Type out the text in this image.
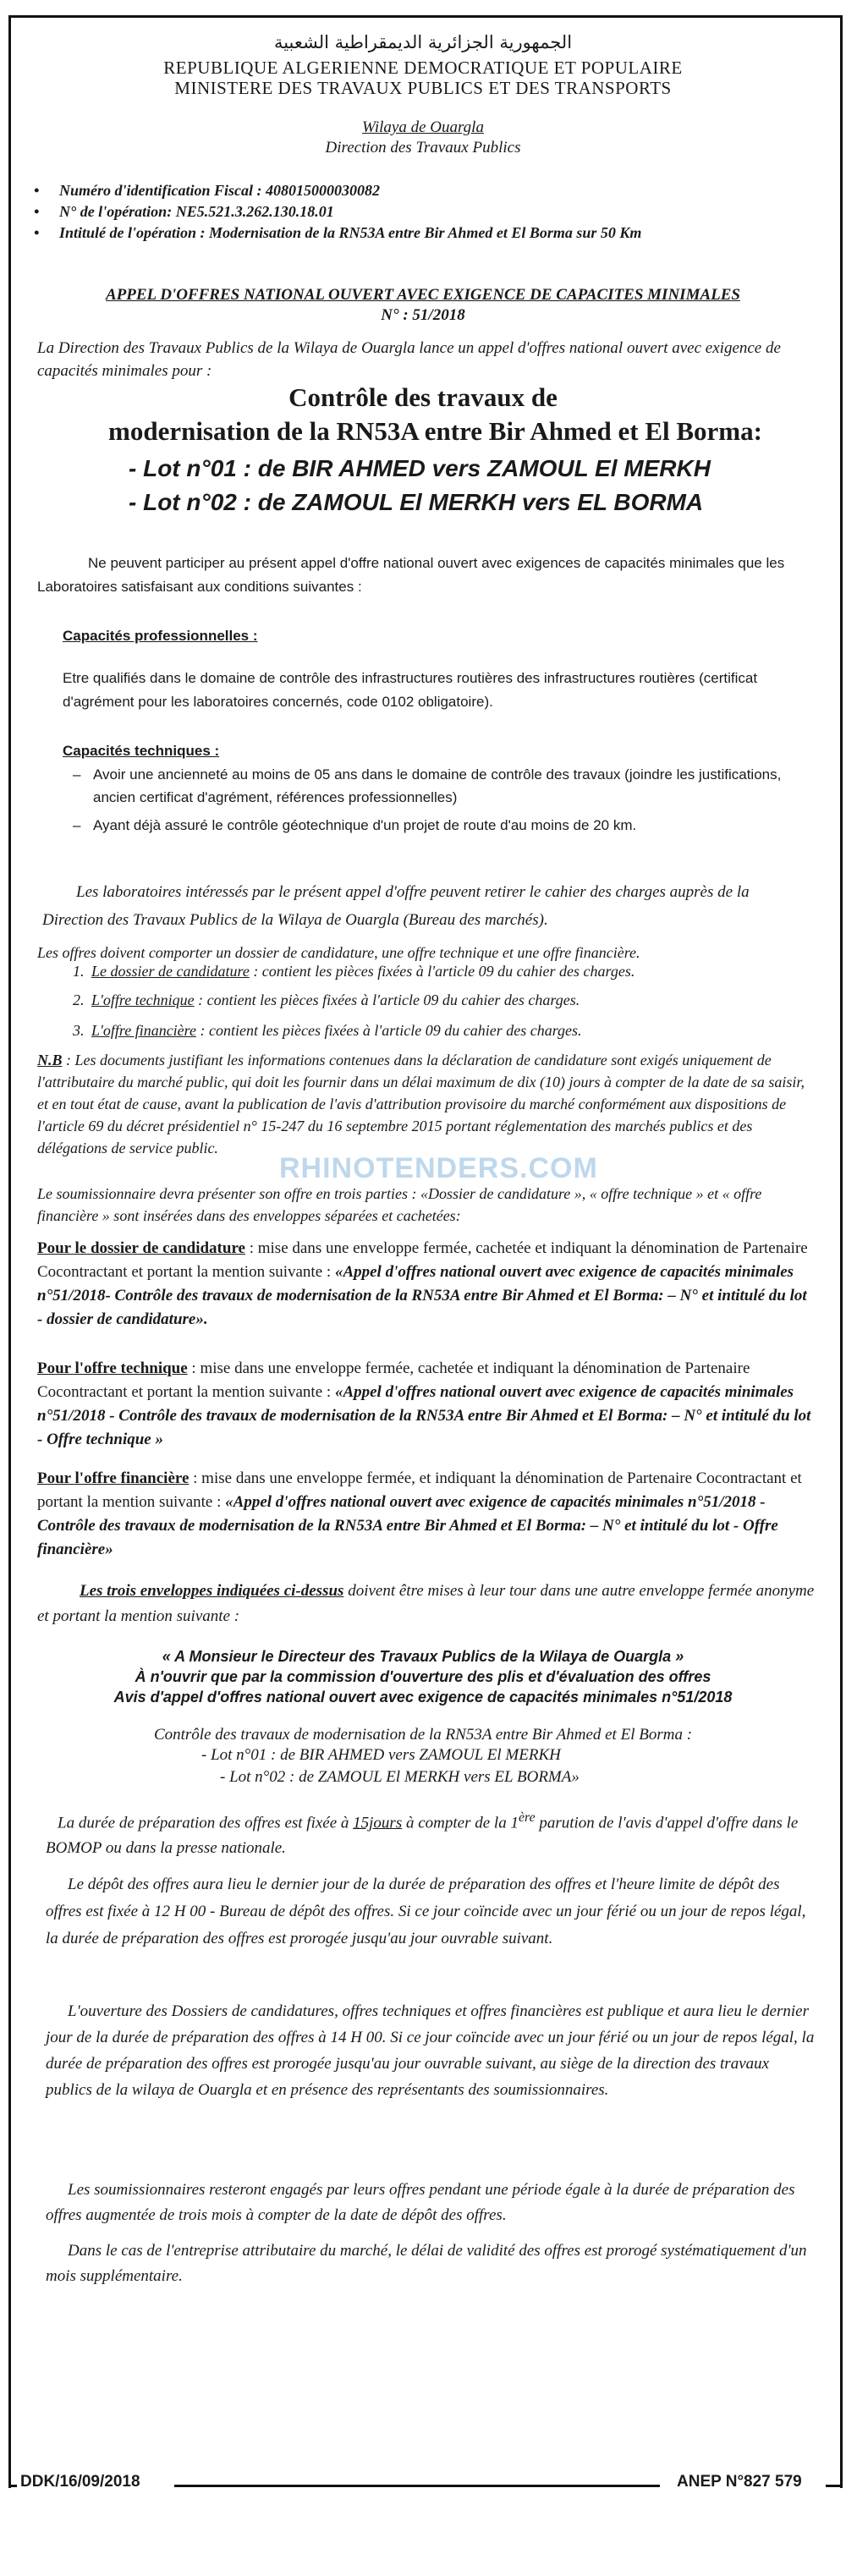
الجمهورية الجزائرية الديمقراطية الشعبية
REPUBLIQUE ALGERIENNE DEMOCRATIQUE ET POPULAIRE
MINISTERE DES TRAVAUX PUBLICS ET DES TRANSPORTS
Wilaya de Ouargla
Direction des Travaux Publics
• Numéro d'identification Fiscal : 408015000030082
• N° de l'opération: NE5.521.3.262.130.18.01
• Intitulé de l'opération : Modernisation de la RN53A entre Bir Ahmed et El Borma sur 50 Km
APPEL D'OFFRES NATIONAL OUVERT AVEC EXIGENCE DE CAPACITES MINIMALES
N° : 51/2018

La Direction des Travaux Publics de la Wilaya de Ouargla lance un appel d'offres national ouvert avec exigence de capacités minimales pour :

Contrôle des travaux de
modernisation de la RN53A entre Bir Ahmed et El Borma:
- Lot n°01 : de BIR AHMED vers ZAMOUL El MERKH
- Lot n°02 : de ZAMOUL El MERKH vers EL BORMA

Ne peuvent participer au présent appel d'offre national ouvert avec exigences de capacités minimales que les Laboratoires satisfaisant aux conditions suivantes :

Capacités professionnelles :

Etre qualifiés dans le domaine de contrôle des infrastructures routières des infrastructures routières (certificat d'agrément pour les laboratoires concernés, code 0102 obligatoire).

Capacités techniques :
– Avoir une ancienneté au moins de 05 ans dans le domaine de contrôle des travaux (joindre les justifications, ancien certificat d'agrément, références professionnelles)
– Ayant déjà assuré le contrôle géotechnique d'un projet de route d'au moins de 20 km.

Les laboratoires intéressés par le présent appel d'offre peuvent retirer le cahier des charges auprès de la Direction des Travaux Publics de la Wilaya de Ouargla (Bureau des marchés).

Les offres doivent comporter un dossier de candidature, une offre technique et une offre financière.

1. Le dossier de candidature : contient les pièces fixées à l'article 09 du cahier des charges.
2. L'offre technique : contient les pièces fixées à l'article 09 du cahier des charges.
3. L'offre financière : contient les pièces fixées à l'article 09 du cahier des charges.

N.B : Les documents justifiant les informations contenues dans la déclaration de candidature sont exigés uniquement de l'attributaire du marché public, qui doit les fournir dans un délai maximum de dix (10) jours à compter de la date de sa saisir, et en tout état de cause, avant la publication de l'avis d'attribution provisoire du marché conformément aux dispositions de l'article 69 du décret présidentiel n° 15-247 du 16 septembre 2015 portant réglementation des marchés publics et des délégations de service public.

Le soumissionnaire devra présenter son offre en trois parties : «Dossier de candidature », « offre technique » et « offre financière » sont insérées dans des enveloppes séparées et cachetées:

RHINOTENDERS.COM

Pour le dossier de candidature : mise dans une enveloppe fermée, cachetée et indiquant la dénomination de Partenaire Cocontractant et portant la mention suivante : «Appel d'offres national ouvert avec exigence de capacités minimales n°51/2018- Contrôle des travaux de modernisation de la RN53A entre Bir Ahmed et El Borma: – N° et intitulé du lot - dossier de candidature».

Pour l'offre technique : mise dans une enveloppe fermée, cachetée et indiquant la dénomination de Partenaire Cocontractant et portant la mention suivante : «Appel d'offres national ouvert avec exigence de capacités minimales n°51/2018 - Contrôle des travaux de modernisation de la RN53A entre Bir Ahmed et El Borma: – N° et intitulé du lot - Offre technique »

Pour l'offre financière : mise dans une enveloppe fermée, et indiquant la dénomination de Partenaire Cocontractant et portant la mention suivante : «Appel d'offres national ouvert avec exigence de capacités minimales n°51/2018 - Contrôle des travaux de modernisation de la RN53A entre Bir Ahmed et El Borma: – N° et intitulé du lot - Offre financière»

Les trois enveloppes indiquées ci-dessus doivent être mises à leur tour dans une autre enveloppe fermée anonyme et portant la mention suivante :

« A Monsieur le Directeur des Travaux Publics de la Wilaya de Ouargla »
À n'ouvrir que par la commission d'ouverture des plis et d'évaluation des offres
Avis d'appel d'offres national ouvert avec exigence de capacités minimales n°51/2018
Contrôle des travaux de modernisation de la RN53A entre Bir Ahmed et El Borma :
- Lot n°01 : de BIR AHMED vers ZAMOUL El MERKH
- Lot n°02 : de ZAMOUL El MERKH vers EL BORMA»

La durée de préparation des offres est fixée à 15jours à compter de la 1ère parution de l'avis d'appel d'offre dans le BOMOP ou dans la presse nationale.

Le dépôt des offres aura lieu le dernier jour de la durée de préparation des offres et l'heure limite de dépôt des offres est fixée à 12 H 00 - Bureau de dépôt des offres. Si ce jour coïncide avec un jour férié ou un jour de repos légal, la durée de préparation des offres est prorogée jusqu'au jour ouvrable suivant.

L'ouverture des Dossiers de candidatures, offres techniques et offres financières est publique et aura lieu le dernier jour de la durée de préparation des offres à 14 H 00. Si ce jour coïncide avec un jour férié ou un jour de repos légal, la durée de préparation des offres est prorogée jusqu'au jour ouvrable suivant, au siège de la direction des travaux publics de la wilaya de Ouargla et en présence des représentants des soumissionnaires.

Les soumissionnaires resteront engagés par leurs offres pendant une période égale à la durée de préparation des offres augmentée de trois mois à compter de la date de dépôt des offres.

Dans le cas de l'entreprise attributaire du marché, le délai de validité des offres est prorogé systématiquement d'un mois supplémentaire.

DDK/16/09/2018	ANEP N°827 579
